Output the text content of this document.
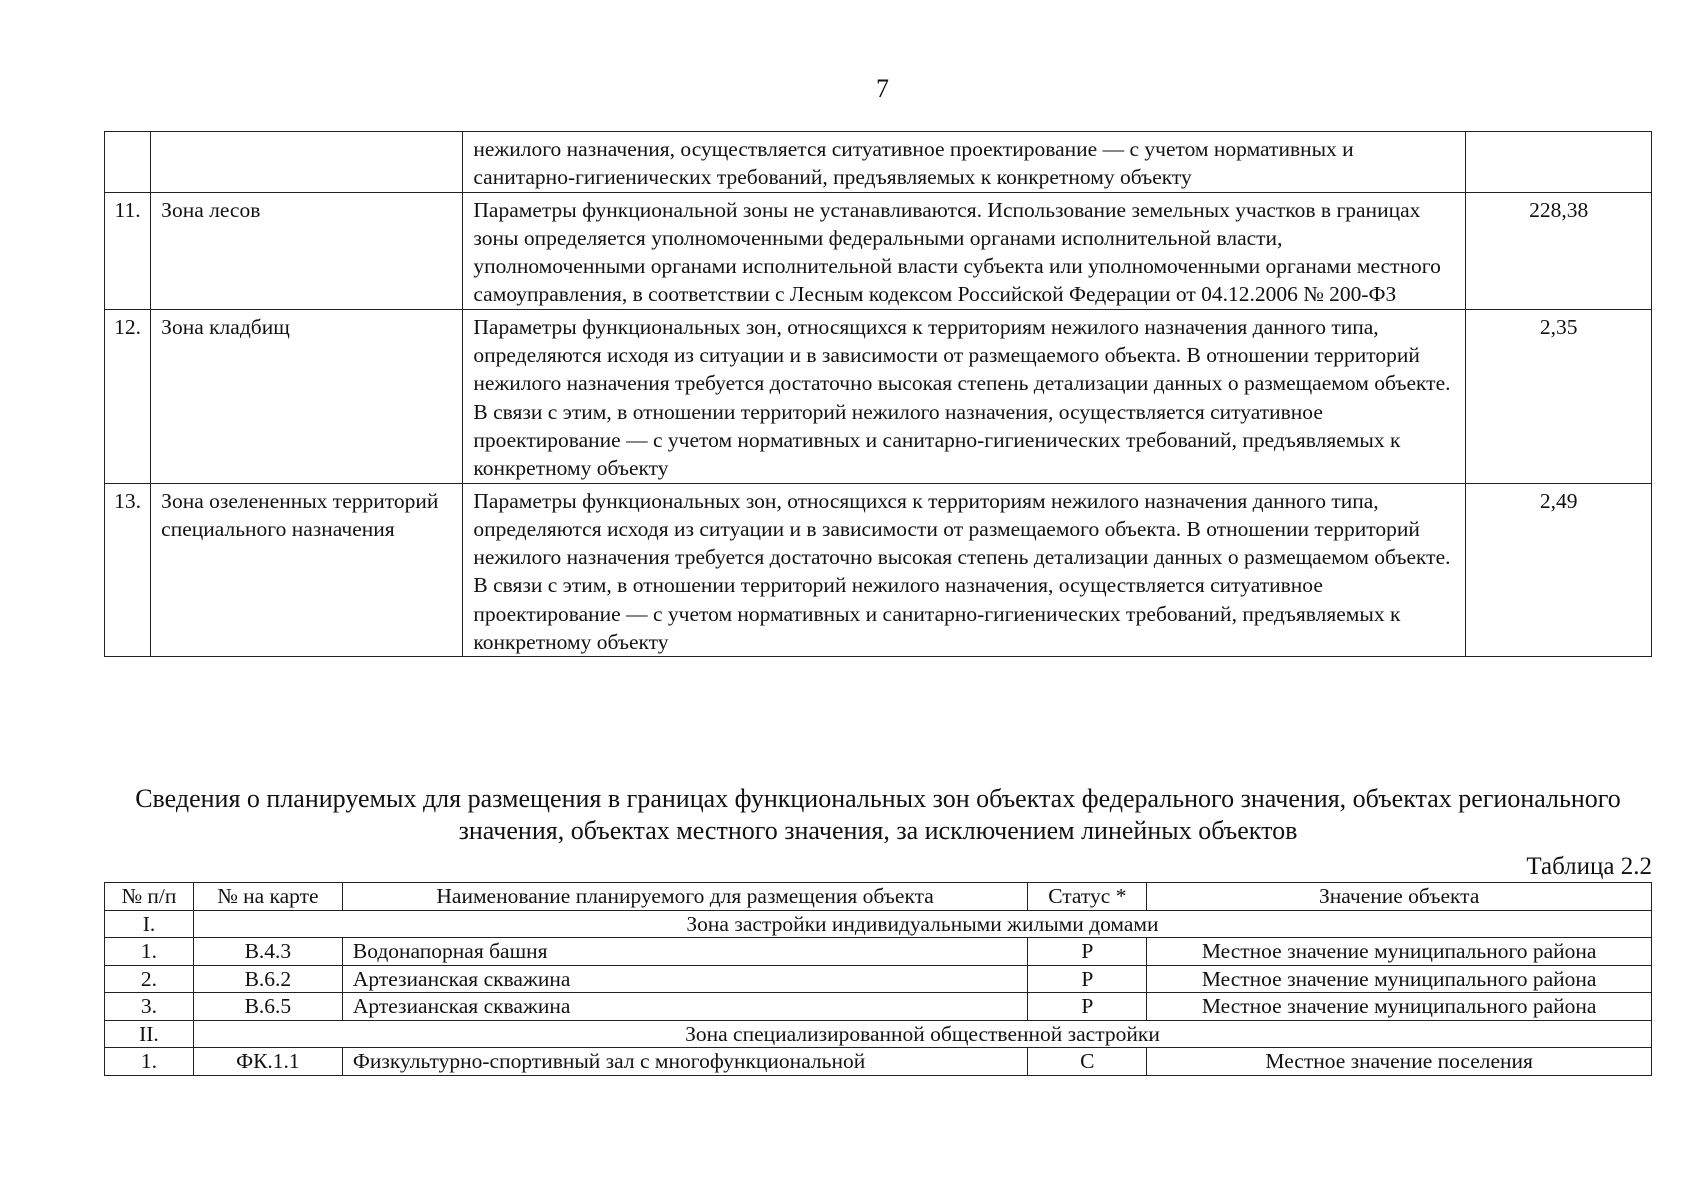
7
		нежилого назначения, осуществляется ситуативное проектирование — с учетом нормативных и санитарно-гигиенических требований, предъявляемых к конкретному объекту	
11.	Зона лесов	Параметры функциональной зоны не устанавливаются. Использование земельных участков в границах зоны определяется уполномоченными федеральными органами исполнительной власти, уполномоченными органами исполнительной власти субъекта или уполномоченными органами местного самоуправления, в соответствии с Лесным кодексом Российской Федерации от 04.12.2006 № 200-ФЗ	228,38
12.	Зона кладбищ	Параметры функциональных зон, относящихся к территориям нежилого назначения данного типа, определяются исходя из ситуации и в зависимости от размещаемого объекта. В отношении территорий нежилого назначения требуется достаточно высокая степень детализации данных о размещаемом объекте. В связи с этим, в отношении территорий нежилого назначения, осуществляется ситуативное проектирование — с учетом нормативных и санитарно-гигиенических требований, предъявляемых к конкретному объекту	2,35
13.	Зона озелененных территорий специального назначения	Параметры функциональных зон, относящихся к территориям нежилого назначения данного типа, определяются исходя из ситуации и в зависимости от размещаемого объекта. В отношении территорий нежилого назначения требуется достаточно высокая степень детализации данных о размещаемом объекте. В связи с этим, в отношении территорий нежилого назначения, осуществляется ситуативное проектирование — с учетом нормативных и санитарно-гигиенических требований, предъявляемых к конкретному объекту	2,49
Сведения о планируемых для размещения в границах функциональных зон объектах федерального значения, объектах регионального значения, объектах местного значения, за исключением линейных объектов
Таблица 2.2
№ п/п	№ на карте	Наименование планируемого для размещения объекта	Статус *	Значение объекта
I.	Зона застройки индивидуальными жилыми домами			
1.	В.4.3	Водонапорная башня	Р	Местное значение муниципального района
2.	В.6.2	Артезианская скважина	Р	Местное значение муниципального района
3.	В.6.5	Артезианская скважина	Р	Местное значение муниципального района
II.	Зона специализированной общественной застройки			
1.	ФК.1.1	Физкультурно-спортивный зал с многофункциональной	С	Местное значение поселения
